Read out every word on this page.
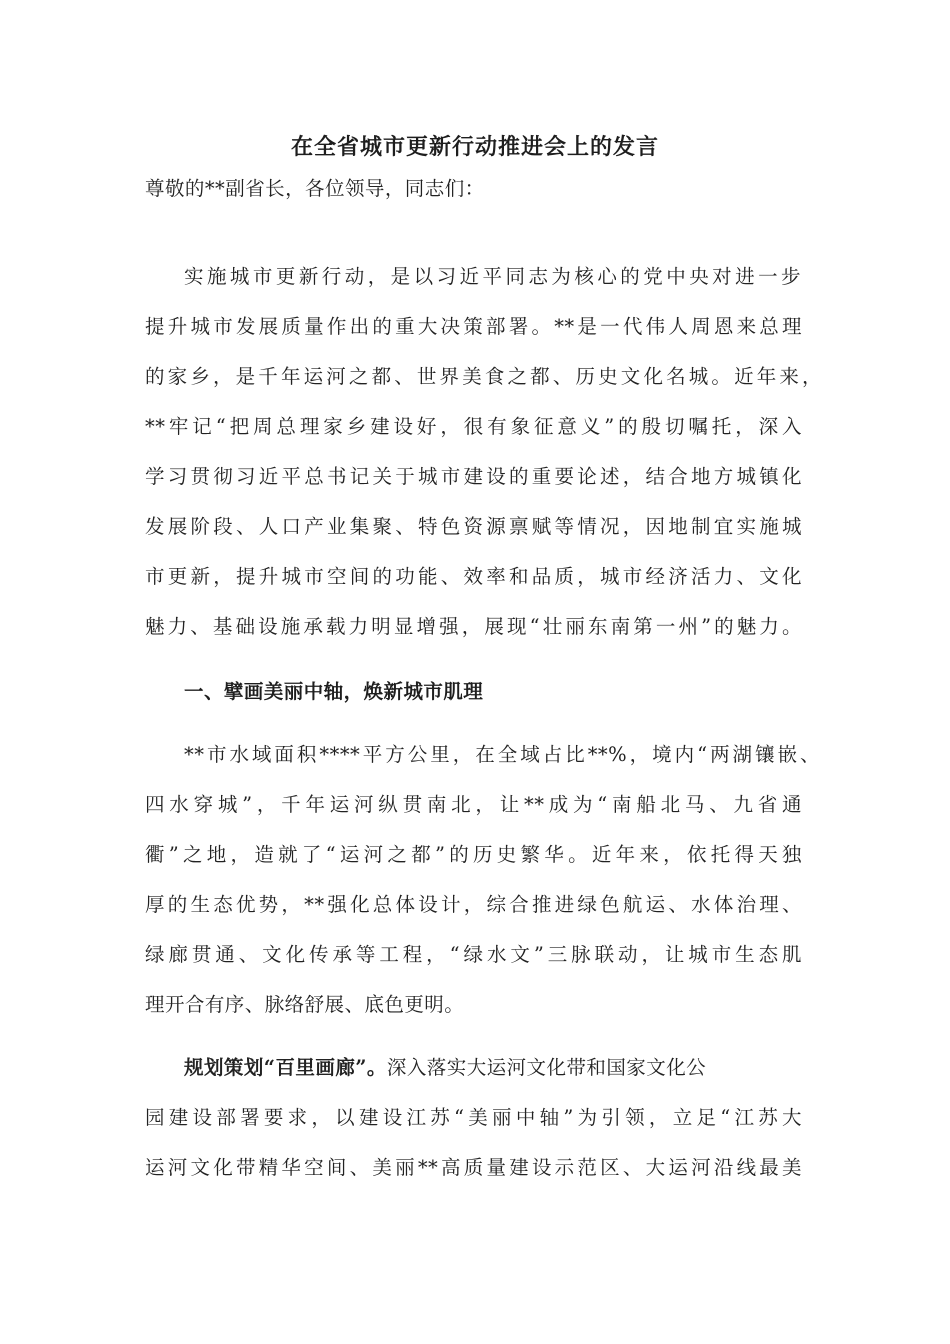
在全省城市更新行动推进会上的发言
尊敬的**副省长，各位领导，同志们：
实施城市更新行动，是以习近平同志为核心的党中央对进一步
提升城市发展质量作出的重大决策部署。**是一代伟人周恩来总理
的家乡，是千年运河之都、世界美食之都、历史文化名城。近年来，
**牢记“把周总理家乡建设好，很有象征意义”的殷切嘱托，深入
学习贯彻习近平总书记关于城市建设的重要论述，结合地方城镇化
发展阶段、人口产业集聚、特色资源禀赋等情况，因地制宜实施城
市更新，提升城市空间的功能、效率和品质，城市经济活力、文化
魅力、基础设施承载力明显增强，展现“壮丽东南第一州”的魅力。
一、擘画美丽中轴，焕新城市肌理
**市水域面积****平方公里，在全域占比**%，境内“两湖镶嵌、
四水穿城”，千年运河纵贯南北，让**成为“南船北马、九省通
衢”之地，造就了“运河之都”的历史繁华。近年来，依托得天独
厚的生态优势，**强化总体设计，综合推进绿色航运、水体治理、
绿廊贯通、文化传承等工程，“绿水文”三脉联动，让城市生态肌
理开合有序、脉络舒展、底色更明。
规划策划“百里画廊”。深入落实大运河文化带和国家文化公
园建设部署要求，以建设江苏“美丽中轴”为引领，立足“江苏大
运河文化带精华空间、美丽**高质量建设示范区、大运河沿线最美
